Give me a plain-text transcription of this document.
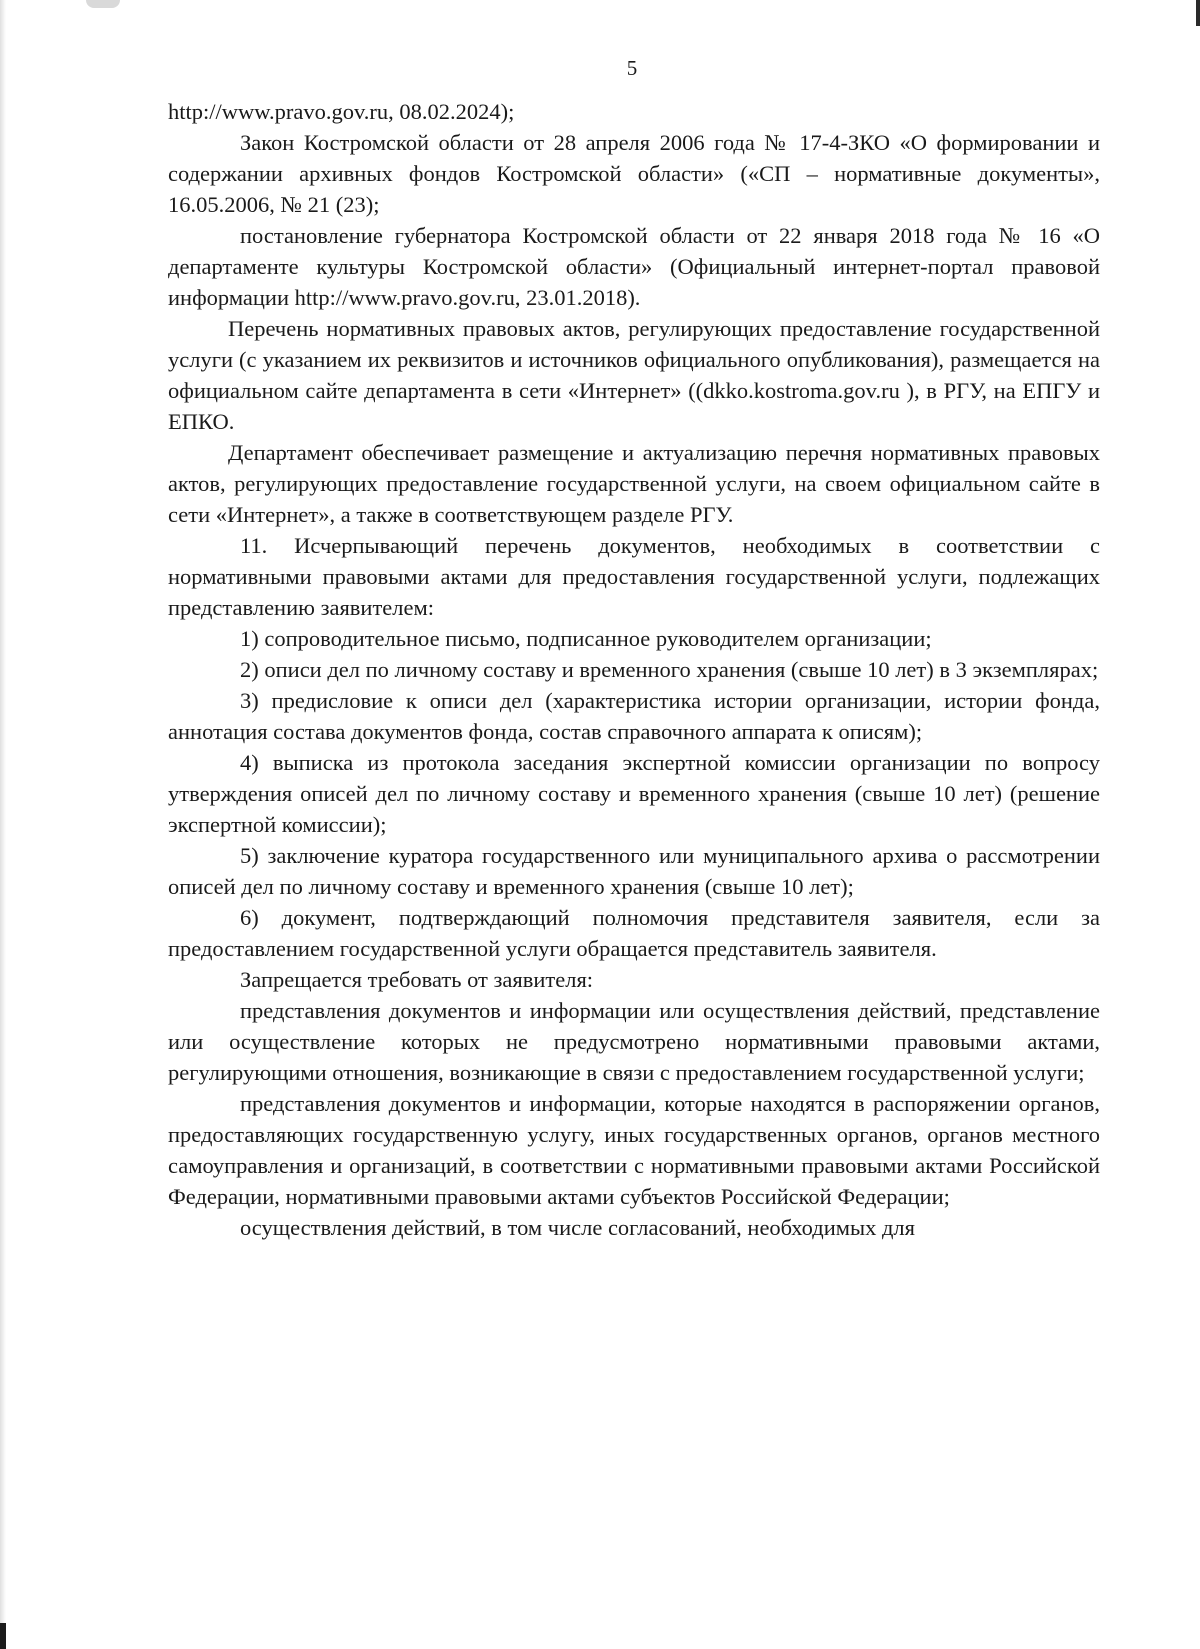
5

http://www.pravo.gov.ru, 08.02.2024);

Закон Костромской области от 28 апреля 2006 года № 17-4-ЗКО «О формировании и содержании архивных фондов Костромской области» («СП – нормативные документы», 16.05.2006, № 21 (23);

постановление губернатора Костромской области от 22 января 2018 года № 16 «О департаменте культуры Костромской области» (Официальный интернет-портал правовой информации http://www.pravo.gov.ru, 23.01.2018).

Перечень нормативных правовых актов, регулирующих предоставление государственной услуги (с указанием их реквизитов и источников официального опубликования), размещается на официальном сайте департамента в сети «Интернет» ((dkko.kostroma.gov.ru ), в РГУ, на ЕПГУ и ЕПКО.

Департамент обеспечивает размещение и актуализацию перечня нормативных правовых актов, регулирующих предоставление государственной услуги, на своем официальном сайте в сети «Интернет», а также в соответствующем разделе РГУ.

11. Исчерпывающий перечень документов, необходимых в соответствии с нормативными правовыми актами для предоставления государственной услуги, подлежащих представлению заявителем:

1) сопроводительное письмо, подписанное руководителем организации;

2) описи дел по личному составу и временного хранения (свыше 10 лет) в 3 экземплярах;

3) предисловие к описи дел (характеристика истории организации, истории фонда, аннотация состава документов фонда, состав справочного аппарата к описям);

4) выписка из протокола заседания экспертной комиссии организации по вопросу утверждения описей дел по личному составу и временного хранения (свыше 10 лет) (решение экспертной комиссии);

5) заключение куратора государственного или муниципального архива о рассмотрении описей дел по личному составу и временного хранения (свыше 10 лет);

6) документ, подтверждающий полномочия представителя заявителя, если за предоставлением государственной услуги обращается представитель заявителя.

Запрещается требовать от заявителя:

представления документов и информации или осуществления действий, представление или осуществление которых не предусмотрено нормативными правовыми актами, регулирующими отношения, возникающие в связи с предоставлением государственной услуги;

представления документов и информации, которые находятся в распоряжении органов, предоставляющих государственную услугу, иных государственных органов, органов местного самоуправления и организаций, в соответствии с нормативными правовыми актами Российской Федерации, нормативными правовыми актами субъектов Российской Федерации;

осуществления действий, в том числе согласований, необходимых для
